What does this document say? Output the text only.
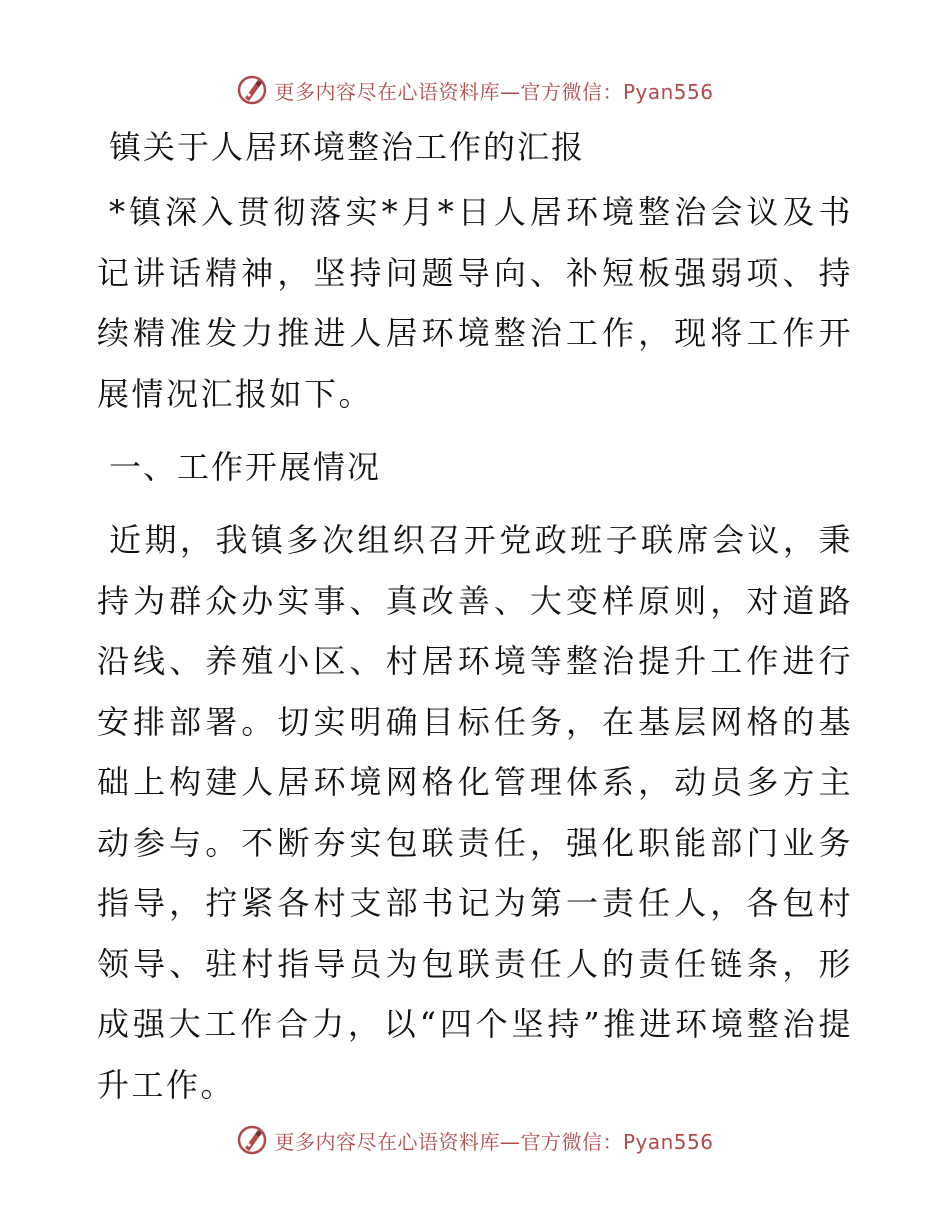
更多内容尽在心语资料库—官方微信：Pyan556
镇关于人居环境整治工作的汇报

*镇深入贯彻落实*月*日人居环境整治会议及书记讲话精神，坚持问题导向、补短板强弱项、持续精准发力推进人居环境整治工作，现将工作开展情况汇报如下。

一、工作开展情况

近期，我镇多次组织召开党政班子联席会议，秉持为群众办实事、真改善、大变样原则，对道路沿线、养殖小区、村居环境等整治提升工作进行安排部署。切实明确目标任务，在基层网格的基础上构建人居环境网格化管理体系，动员多方主动参与。不断夯实包联责任，强化职能部门业务指导，拧紧各村支部书记为第一责任人，各包村领导、驻村指导员为包联责任人的责任链条，形成强大工作合力，以“四个坚持”推进环境整治提升工作。

更多内容尽在心语资料库—官方微信：Pyan556
